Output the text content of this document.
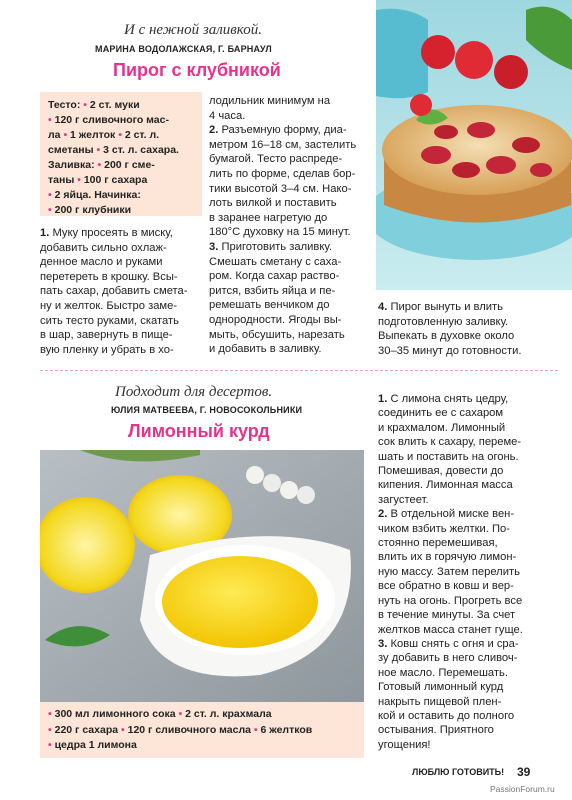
И с нежной заливкой.
МАРИНА ВОДОЛАЖСКАЯ, Г. БАРНАУЛ
Пирог с клубникой
Тесто: • 2 ст. муки
• 120 г сливочного мас-
ла • 1 желток • 2 ст. л.
сметаны • 3 ст. л. сахара.
Заливка: • 200 г смe-
таны • 100 г сахара
• 2 яйца. Начинка:
• 200 г клубники
1. Муку просеять в миску,
добавить сильно охлаж-
денное масло и руками
перетереть в крошку. Всы-
пать сахар, добавить смета-
ну и желток. Быстро заме-
сить тесто руками, скатать
в шар, завернуть в пище-
вую пленку и убрать в хо-
лодильник минимум на
4 часа.
2. Разъемную форму, диа-
метром 16–18 см, застелить
бумагой. Тесто распреде-
лить по форме, сделав бор-
тики высотой 3–4 см. Нако-
лоть вилкой и поставить
в заранее нагретую до
180°С духовку на 15 минут.
3. Приготовить заливку.
Смешать сметану с саха-
ром. Когда сахар раство-
рится, взбить яйца и пе-
ремешать венчиком до
однородности. Ягоды вы-
мыть, обсушить, нарезать
и добавить в заливку.
4. Пирог вынуть и влить
подготовленную заливку.
Выпекать в духовке около
30–35 минут до готовности.
Подходит для десертов.
ЮЛИЯ МАТВЕЕВА, Г. НОВОСОКОЛЬНИКИ
Лимонный курд
• 300 мл лимонного сока • 2 ст. л. крахмала
• 220 г сахара • 120 г сливочного масла • 6 желтков
• цедра 1 лимона
1. С лимона снять цедру,
соединить ее с сахаром
и крахмалом. Лимонный
сок влить к сахару, переме-
шать и поставить на огонь.
Помешивая, довести до
кипения. Лимонная масса
загустеет.
2. В отдельной миске вен-
чиком взбить желтки. По-
стоянно перемешивая,
влить их в горячую лимон-
ную массу. Затем перелить
все обратно в ковш и вер-
нуть на огонь. Прогреть все
в течение минуты. За счет
желтков масса станет гуще.
3. Ковш снять с огня и сра-
зу добавить в него сливоч-
ное масло. Перемешать.
Готовый лимонный курд
накрыть пищевой плен-
кой и оставить до полного
остывания. Приятного
угощения!
ЛЮБЛЮ ГОТОВИТЬ! 39
PassionForum.ru
